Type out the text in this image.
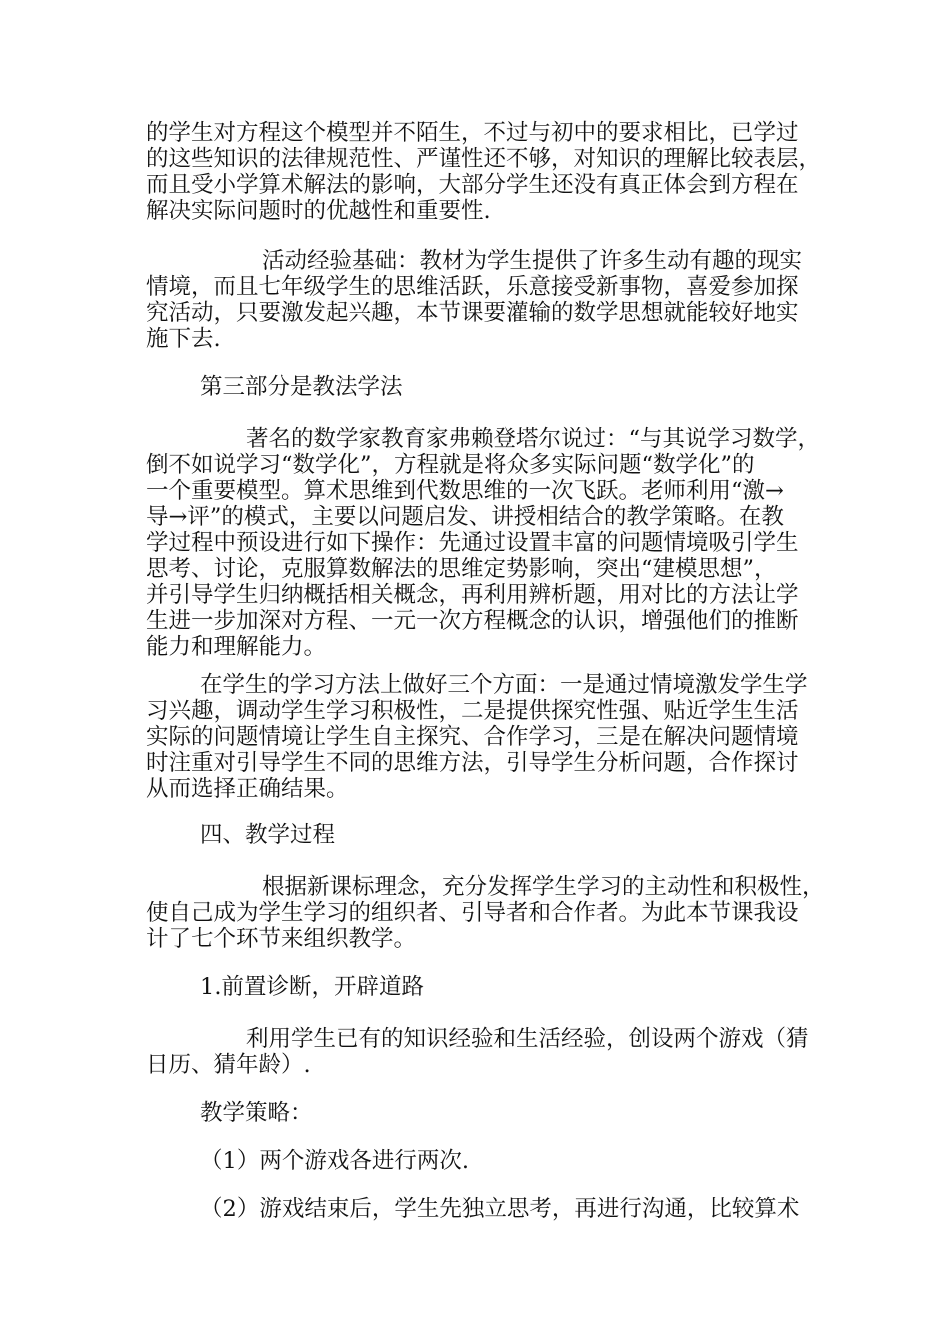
的学生对方程这个模型并不陌生，不过与初中的要求相比，已学过
的这些知识的法律规范性、严谨性还不够，对知识的理解比较表层，
而且受小学算术解法的影响，大部分学生还没有真正体会到方程在
解决实际问题时的优越性和重要性.
活动经验基础：教材为学生提供了许多生动有趣的现实
情境，而且七年级学生的思维活跃，乐意接受新事物，喜爱参加探
究活动，只要激发起兴趣，本节课要灌输的数学思想就能较好地实
施下去.
第三部分是教法学法
著名的数学家教育家弗赖登塔尔说过：“与其说学习数学，
倒不如说学习“数学化”，方程就是将众多实际问题“数学化”的
一个重要模型。算术思维到代数思维的一次飞跃。老师利用“激→
导→评”的模式，主要以问题启发、讲授相结合的教学策略。在教
学过程中预设进行如下操作：先通过设置丰富的问题情境吸引学生
思考、讨论，克服算数解法的思维定势影响，突出“建模思想”，
并引导学生归纳概括相关概念，再利用辨析题，用对比的方法让学
生进一步加深对方程、一元一次方程概念的认识，增强他们的推断
能力和理解能力。
在学生的学习方法上做好三个方面：一是通过情境激发学生学
习兴趣，调动学生学习积极性，二是提供探究性强、贴近学生生活
实际的问题情境让学生自主探究、合作学习，三是在解决问题情境
时注重对引导学生不同的思维方法，引导学生分析问题，合作探讨
从而选择正确结果。
四、教学过程
根据新课标理念，充分发挥学生学习的主动性和积极性，
使自己成为学生学习的组织者、引导者和合作者。为此本节课我设
计了七个环节来组织教学。
1.前置诊断，开辟道路
利用学生已有的知识经验和生活经验，创设两个游戏（猜
日历、猜年龄）.
教学策略：
（1）两个游戏各进行两次.
（2）游戏结束后，学生先独立思考，再进行沟通，比较算术
